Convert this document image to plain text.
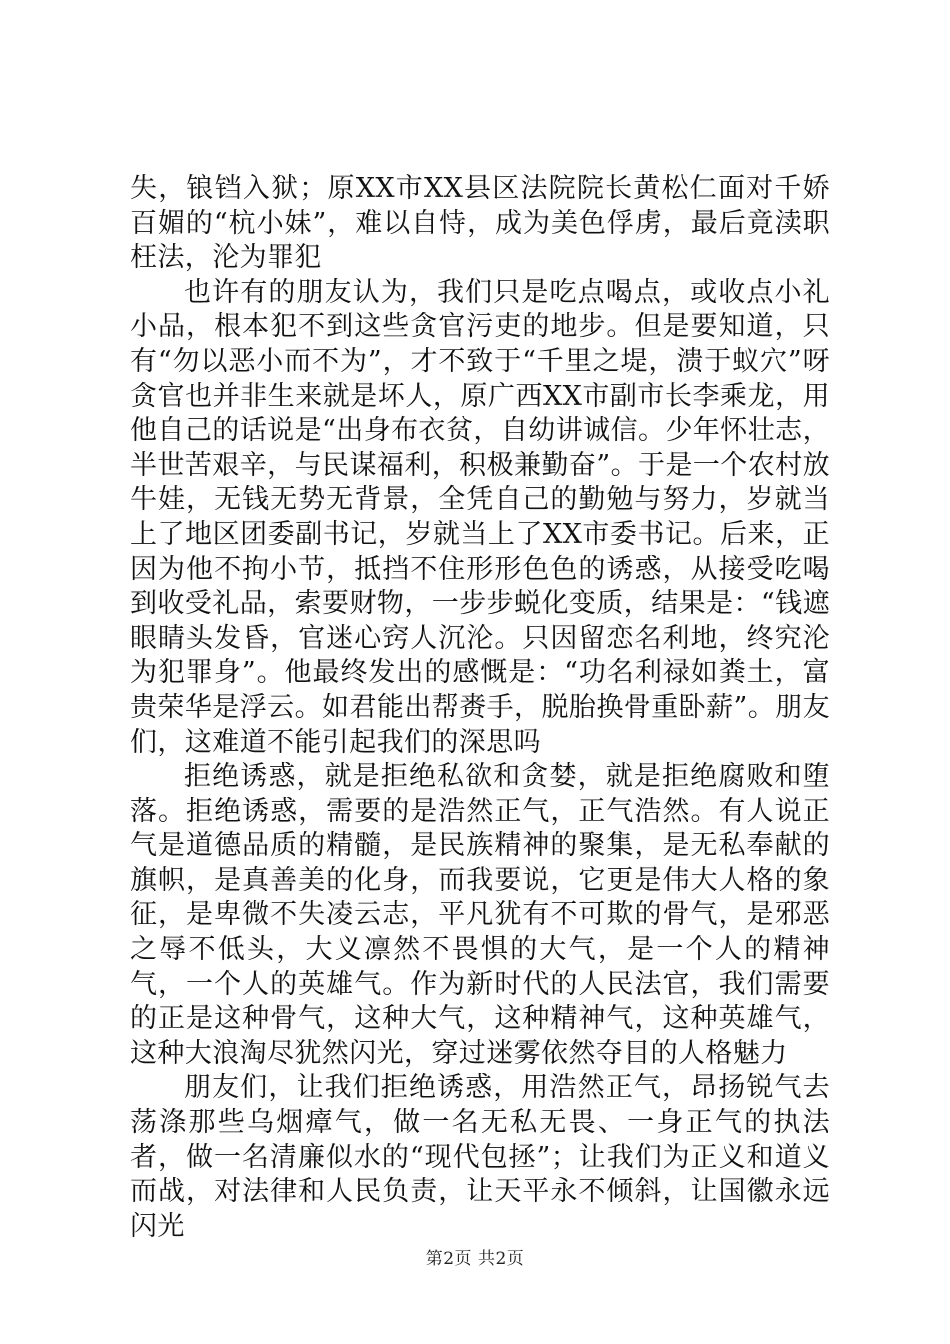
失，锒铛入狱；原XX市XX县区法院院长黄松仁面对千娇百媚的“杭小妹”，难以自恃，成为美色俘虏，最后竟渎职枉法，沦为罪犯

也许有的朋友认为，我们只是吃点喝点，或收点小礼小品，根本犯不到这些贪官污吏的地步。但是要知道，只有“勿以恶小而不为”，才不致于“千里之堤，溃于蚁穴”呀贪官也并非生来就是坏人，原广西XX市副市长李乘龙，用他自己的话说是“出身布衣贫，自幼讲诚信。少年怀壮志，半世苦艰辛，与民谋福利，积极兼勤奋”。于是一个农村放牛娃，无钱无势无背景，全凭自己的勤勉与努力，岁就当上了地区团委副书记，岁就当上了XX市委书记。后来，正因为他不拘小节，抵挡不住形形色色的诱惑，从接受吃喝到收受礼品，索要财物，一步步蜕化变质，结果是：“钱遮眼睛头发昏，官迷心窍人沉沦。只因留恋名利地，终究沦为犯罪身”。他最终发出的感慨是：“功名利禄如粪土，富贵荣华是浮云。如君能出帮赉手，脱胎换骨重卧薪”。朋友们，这难道不能引起我们的深思吗

拒绝诱惑，就是拒绝私欲和贪婪，就是拒绝腐败和堕落。拒绝诱惑，需要的是浩然正气，正气浩然。有人说正气是道德品质的精髓，是民族精神的聚集，是无私奉献的旗帜，是真善美的化身，而我要说，它更是伟大人格的象征，是卑微不失凌云志，平凡犹有不可欺的骨气，是邪恶之辱不低头，大义凛然不畏惧的大气，是一个人的精神气，一个人的英雄气。作为新时代的人民法官，我们需要的正是这种骨气，这种大气，这种精神气，这种英雄气，这种大浪淘尽犹然闪光，穿过迷雾依然夺目的人格魅力

朋友们，让我们拒绝诱惑，用浩然正气，昂扬锐气去荡涤那些乌烟瘴气，做一名无私无畏、一身正气的执法者，做一名清廉似水的“现代包拯”；让我们为正义和道义而战，对法律和人民负责，让天平永不倾斜，让国徽永远闪光

第2页 共2页
